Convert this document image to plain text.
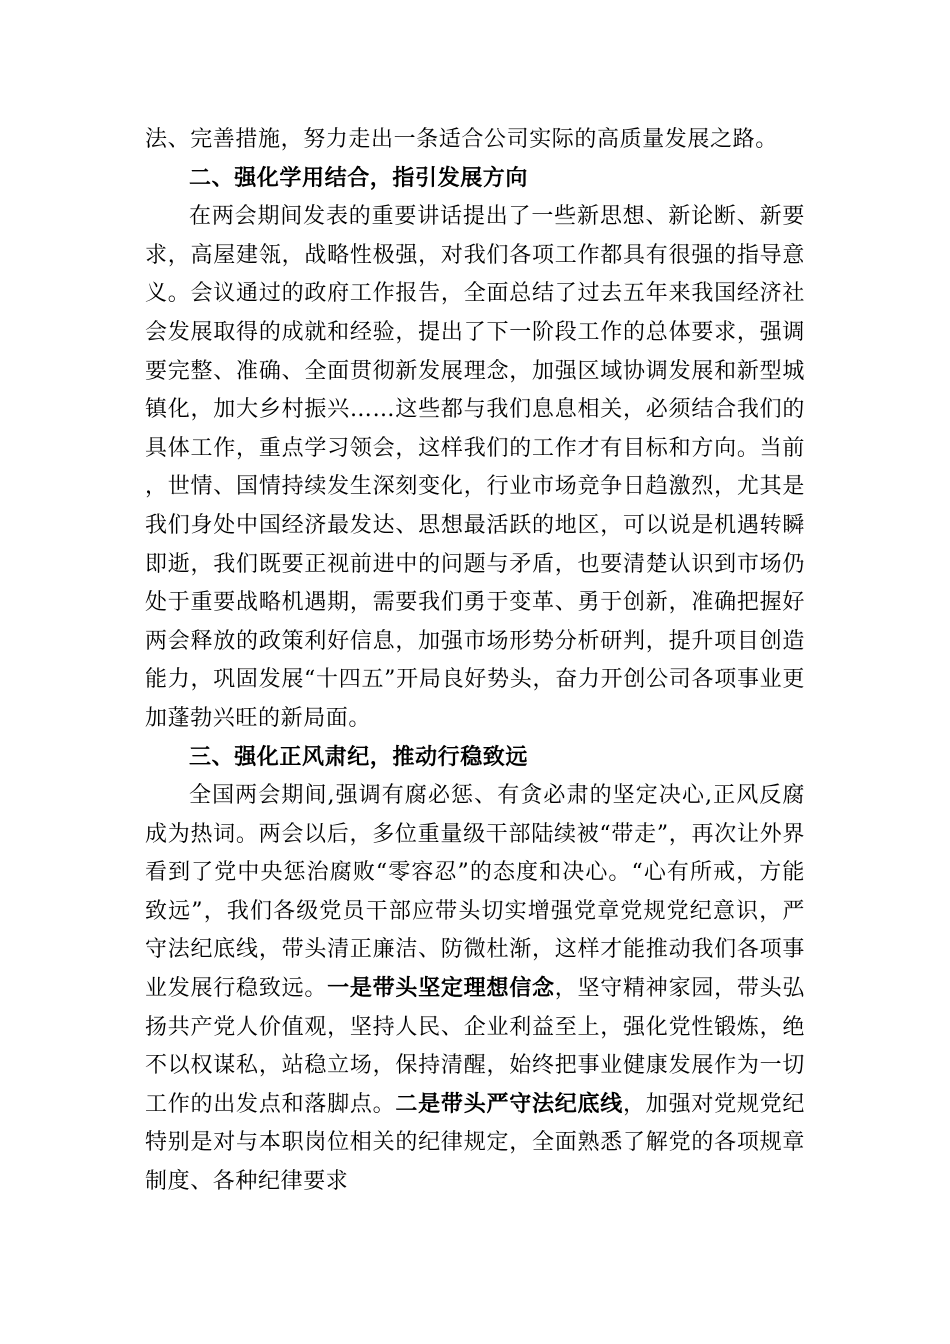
法、完善措施，努力走出一条适合公司实际的高质量发展之路。

二、强化学用结合，指引发展方向

在两会期间发表的重要讲话提出了一些新思想、新论断、新要求，高屋建瓴，战略性极强，对我们各项工作都具有很强的指导意义。会议通过的政府工作报告，全面总结了过去五年来我国经济社会发展取得的成就和经验，提出了下一阶段工作的总体要求，强调要完整、准确、全面贯彻新发展理念，加强区域协调发展和新型城镇化，加大乡村振兴……这些都与我们息息相关，必须结合我们的具体工作，重点学习领会，这样我们的工作才有目标和方向。当前，世情、国情持续发生深刻变化，行业市场竞争日趋激烈，尤其是我们身处中国经济最发达、思想最活跃的地区，可以说是机遇转瞬即逝，我们既要正视前进中的问题与矛盾，也要清楚认识到市场仍处于重要战略机遇期，需要我们勇于变革、勇于创新，准确把握好两会释放的政策利好信息，加强市场形势分析研判，提升项目创造能力，巩固发展“十四五”开局良好势头，奋力开创公司各项事业更加蓬勃兴旺的新局面。

三、强化正风肃纪，推动行稳致远

全国两会期间,强调有腐必惩、有贪必肃的坚定决心,正风反腐成为热词。两会以后，多位重量级干部陆续被“带走”，再次让外界看到了党中央惩治腐败“零容忍”的态度和决心。“心有所戒，方能致远”，我们各级党员干部应带头切实增强党章党规党纪意识，严守法纪底线，带头清正廉洁、防微杜渐，这样才能推动我们各项事业发展行稳致远。一是带头坚定理想信念，坚守精神家园，带头弘扬共产党人价值观，坚持人民、企业利益至上，强化党性锻炼，绝不以权谋私，站稳立场，保持清醒，始终把事业健康发展作为一切工作的出发点和落脚点。二是带头严守法纪底线，加强对党规党纪特别是对与本职岗位相关的纪律规定，全面熟悉了解党的各项规章制度、各种纪律要求
